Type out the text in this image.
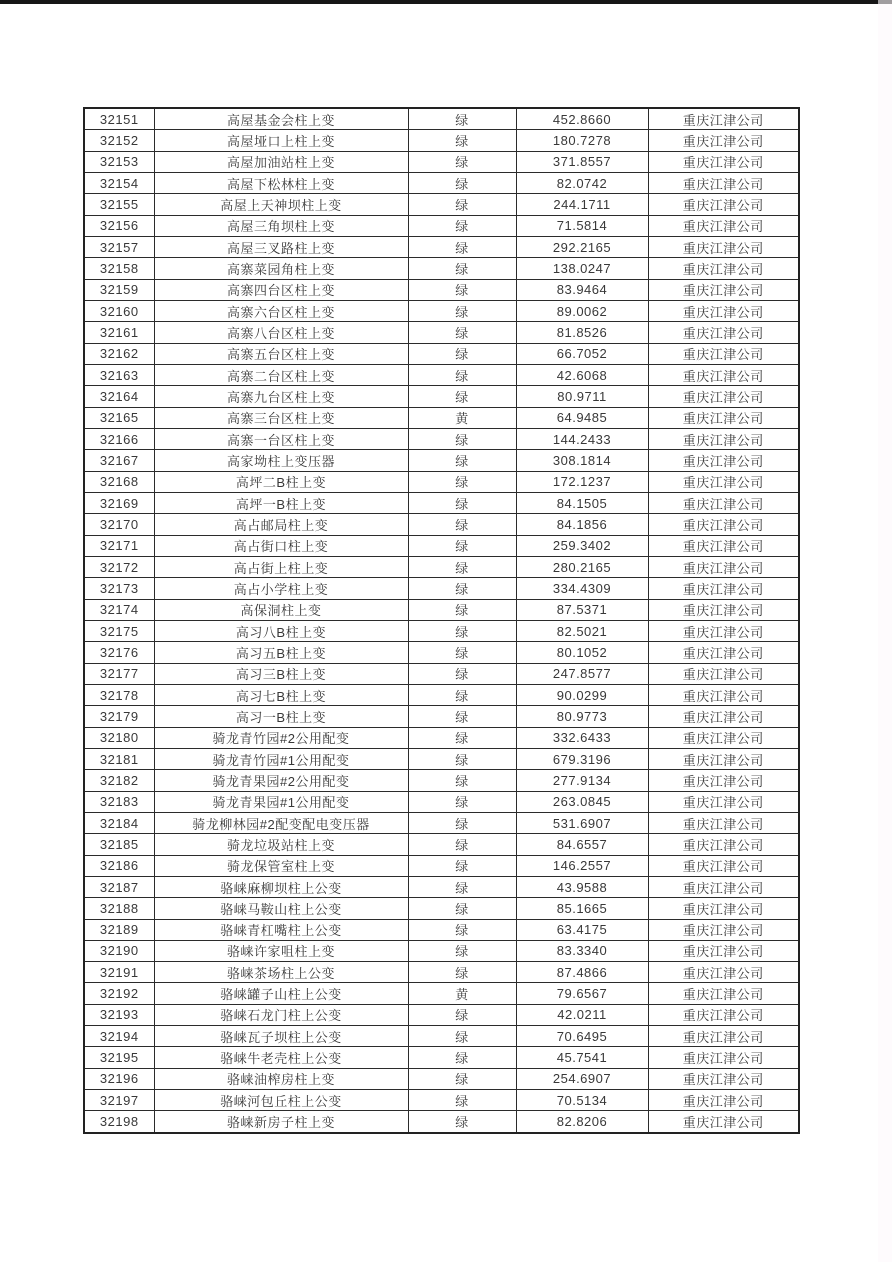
32151	高屋基金会柱上变	绿	452.8660	重庆江津公司
32152	高屋垭口上柱上变	绿	180.7278	重庆江津公司
32153	高屋加油站柱上变	绿	371.8557	重庆江津公司
32154	高屋下松林柱上变	绿	82.0742	重庆江津公司
32155	高屋上天神坝柱上变	绿	244.1711	重庆江津公司
32156	高屋三角坝柱上变	绿	71.5814	重庆江津公司
32157	高屋三叉路柱上变	绿	292.2165	重庆江津公司
32158	高寨菜园角柱上变	绿	138.0247	重庆江津公司
32159	高寨四台区柱上变	绿	83.9464	重庆江津公司
32160	高寨六台区柱上变	绿	89.0062	重庆江津公司
32161	高寨八台区柱上变	绿	81.8526	重庆江津公司
32162	高寨五台区柱上变	绿	66.7052	重庆江津公司
32163	高寨二台区柱上变	绿	42.6068	重庆江津公司
32164	高寨九台区柱上变	绿	80.9711	重庆江津公司
32165	高寨三台区柱上变	黄	64.9485	重庆江津公司
32166	高寨一台区柱上变	绿	144.2433	重庆江津公司
32167	高家坳柱上变压器	绿	308.1814	重庆江津公司
32168	高坪二B柱上变	绿	172.1237	重庆江津公司
32169	高坪一B柱上变	绿	84.1505	重庆江津公司
32170	高占邮局柱上变	绿	84.1856	重庆江津公司
32171	高占街口柱上变	绿	259.3402	重庆江津公司
32172	高占街上柱上变	绿	280.2165	重庆江津公司
32173	高占小学柱上变	绿	334.4309	重庆江津公司
32174	高保洞柱上变	绿	87.5371	重庆江津公司
32175	高习八B柱上变	绿	82.5021	重庆江津公司
32176	高习五B柱上变	绿	80.1052	重庆江津公司
32177	高习三B柱上变	绿	247.8577	重庆江津公司
32178	高习七B柱上变	绿	90.0299	重庆江津公司
32179	高习一B柱上变	绿	80.9773	重庆江津公司
32180	骑龙青竹园#2公用配变	绿	332.6433	重庆江津公司
32181	骑龙青竹园#1公用配变	绿	679.3196	重庆江津公司
32182	骑龙青果园#2公用配变	绿	277.9134	重庆江津公司
32183	骑龙青果园#1公用配变	绿	263.0845	重庆江津公司
32184	骑龙柳林园#2配变配电变压器	绿	531.6907	重庆江津公司
32185	骑龙垃圾站柱上变	绿	84.6557	重庆江津公司
32186	骑龙保管室柱上变	绿	146.2557	重庆江津公司
32187	骆崃麻柳坝柱上公变	绿	43.9588	重庆江津公司
32188	骆崃马鞍山柱上公变	绿	85.1665	重庆江津公司
32189	骆崃青杠嘴柱上公变	绿	63.4175	重庆江津公司
32190	骆崃许家咀柱上变	绿	83.3340	重庆江津公司
32191	骆崃茶场柱上公变	绿	87.4866	重庆江津公司
32192	骆崃罐子山柱上公变	黄	79.6567	重庆江津公司
32193	骆崃石龙门柱上公变	绿	42.0211	重庆江津公司
32194	骆崃瓦子坝柱上公变	绿	70.6495	重庆江津公司
32195	骆崃牛老壳柱上公变	绿	45.7541	重庆江津公司
32196	骆崃油榨房柱上变	绿	254.6907	重庆江津公司
32197	骆崃河包丘柱上公变	绿	70.5134	重庆江津公司
32198	骆崃新房子柱上变	绿	82.8206	重庆江津公司
